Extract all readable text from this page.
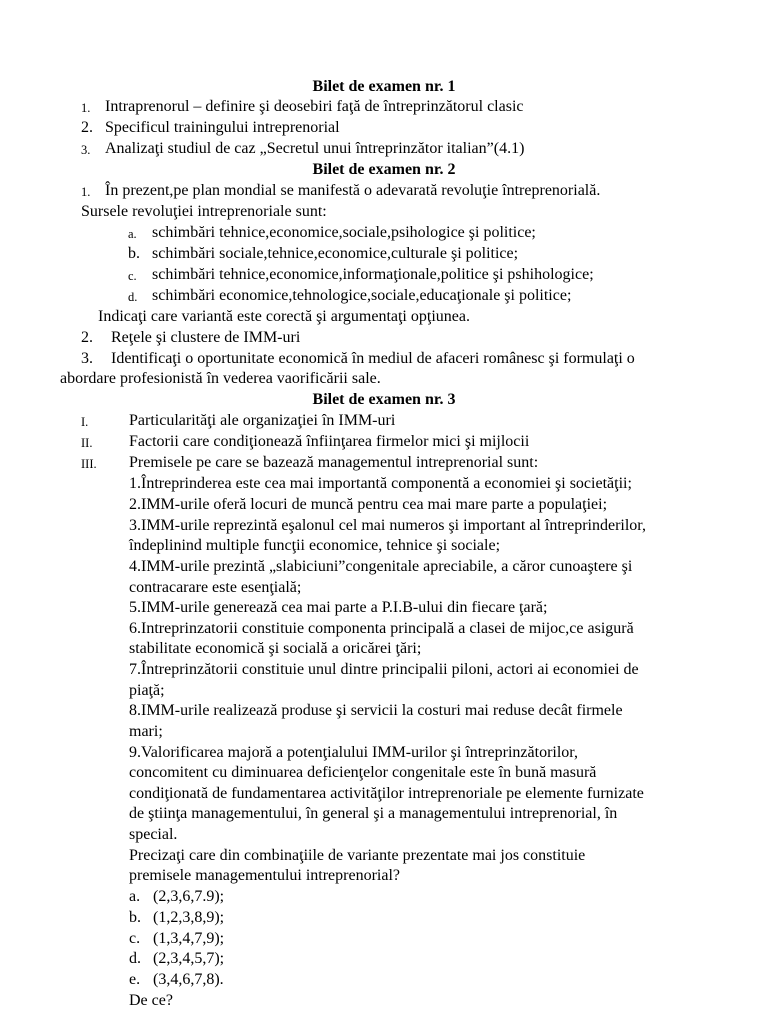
Bilet de examen nr. 1
1. Intraprenorul – definire şi deosebiri faţă de întreprinzătorul clasic
2. Specificul trainingului intreprenorial
3. Analizaţi studiul de caz „Secretul unui întreprinzător italian”(4.1)
Bilet de examen nr. 2
1. În prezent,pe plan mondial se manifestă o adevarată revoluţie întreprenorială.
Sursele revoluţiei intreprenoriale sunt:
a. schimbări tehnice,economice,sociale,psihologice şi politice;
b. schimbări sociale,tehnice,economice,culturale şi politice;
c. schimbări tehnice,economice,informaţionale,politice şi pshihologice;
d. schimbări economice,tehnologice,sociale,educaţionale şi politice;
Indicaţi care variantă este corectă şi argumentaţi opţiunea.
2. Reţele şi clustere de IMM-uri
3. Identificaţi o oportunitate economică în mediul de afaceri românesc şi formulaţi o
abordare profesionistă în vederea vaorificării sale.
Bilet de examen nr. 3
I.	Particularităţi ale organizaţiei în IMM-uri
II. Factorii care condiţionează înfiinţarea firmelor mici şi mijlocii
III. Premisele pe care se bazează managementul intreprenorial sunt:
1.Întreprinderea este cea mai importantă componentă a economiei şi societăţii;
2.IMM-urile oferă locuri de muncă pentru cea mai mare parte a populaţiei;
3.IMM-urile reprezintă eşalonul cel mai numeros şi important al întreprinderilor,
îndeplinind multiple funcţii economice, tehnice şi sociale;
4.IMM-urile prezintă „slabiciuni”congenitale apreciabile, a căror cunoaştere şi
contracarare este esenţială;
5.IMM-urile generează cea mai parte a P.I.B-ului din fiecare ţară;
6.Intreprinzatorii constituie componenta principală a clasei de mijoc,ce asigură
stabilitate economică şi socială a oricărei ţări;
7.Întreprinzătorii constituie unul dintre principalii piloni, actori ai economiei de
piaţă;
8.IMM-urile realizează produse şi servicii la costuri mai reduse decât firmele
mari;
9.Valorificarea majoră a potenţialului IMM-urilor şi întreprinzătorilor,
concomitent cu diminuarea deficienţelor congenitale este în bună masură
condiţionată de fundamentarea activităţilor intreprenoriale pe elemente furnizate
de ştiinţa managementului, în general şi a managementului intreprenorial, în
special.
Precizaţi care din combinaţiile de variante prezentate mai jos constituie
premisele managementului intreprenorial?
a. (2,3,6,7.9);
b. (1,2,3,8,9);
c. (1,3,4,7,9);
d. (2,3,4,5,7);
e. (3,4,6,7,8).
De ce?
